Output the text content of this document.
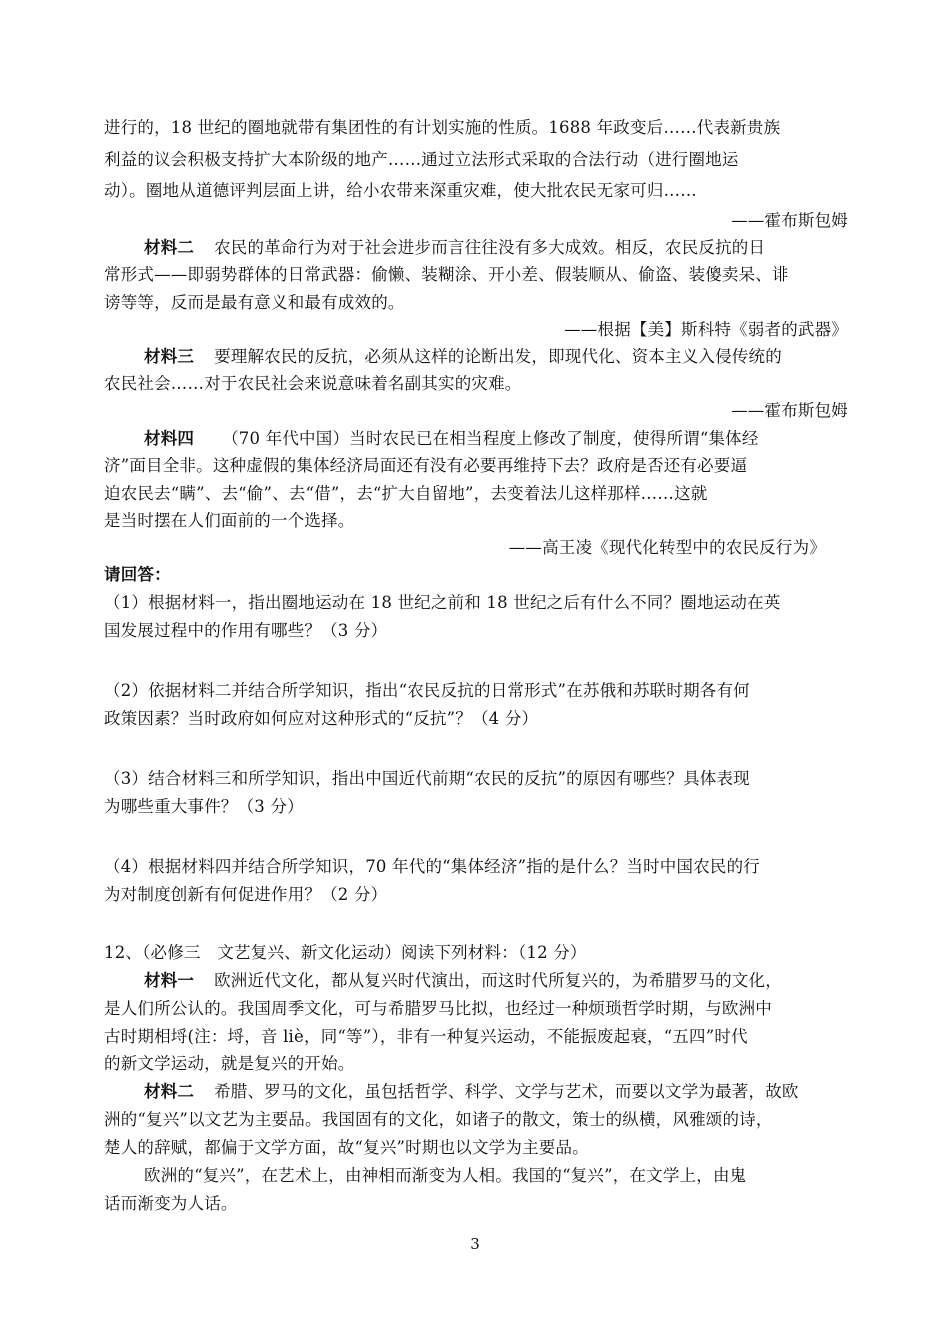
进行的，18 世纪的圈地就带有集团性的有计划实施的性质。1688 年政变后……代表新贵族
利益的议会积极支持扩大本阶级的地产……通过立法形式采取的合法行动（进行圈地运
动）。圈地从道德评判层面上讲，给小农带来深重灾难，使大批农民无家可归……
——霍布斯包姆
材料二 农民的革命行为对于社会进步而言往往没有多大成效。相反，农民反抗的日
常形式——即弱势群体的日常武器：偷懒、装糊涂、开小差、假装顺从、偷盗、装傻卖呆、诽
谤等等，反而是最有意义和最有成效的。
——根据【美】斯科特《弱者的武器》
材料三 要理解农民的反抗，必须从这样的论断出发，即现代化、资本主义入侵传统的
农民社会……对于农民社会来说意味着名副其实的灾难。
——霍布斯包姆
材料四 （70 年代中国）当时农民已在相当程度上修改了制度，使得所谓“集体经
济”面目全非。这种虚假的集体经济局面还有没有必要再维持下去？政府是否还有必要逼
迫农民去“瞒”、去“偷”、去“借”，去“扩大自留地”，去变着法儿这样那样……这就
是当时摆在人们面前的一个选择。
——高王凌《现代化转型中的农民反行为》
请回答：
（1）根据材料一，指出圈地运动在 18 世纪之前和 18 世纪之后有什么不同？圈地运动在英
国发展过程中的作用有哪些？（3 分）
（2）依据材料二并结合所学知识，指出“农民反抗的日常形式”在苏俄和苏联时期各有何
政策因素？当时政府如何应对这种形式的“反抗”？（4 分）
（3）结合材料三和所学知识，指出中国近代前期“农民的反抗”的原因有哪些？具体表现
为哪些重大事件？（3 分）
（4）根据材料四并结合所学知识，70 年代的“集体经济”指的是什么？当时中国农民的行
为对制度创新有何促进作用？（2 分）
12、（必修三　文艺复兴、新文化运动）阅读下列材料：（12 分）
材料一 欧洲近代文化，都从复兴时代演出，而这时代所复兴的，为希腊罗马的文化，
是人们所公认的。我国周季文化，可与希腊罗马比拟，也经过一种烦琐哲学时期，与欧洲中
古时期相埒(注：埒，音 liè，同“等”），非有一种复兴运动，不能振废起衰，“五四”时代
的新文学运动，就是复兴的开始。
材料二 希腊、罗马的文化，虽包括哲学、科学、文学与艺术，而要以文学为最著，故欧
洲的“复兴”以文艺为主要品。我国固有的文化，如诸子的散文，策士的纵横，风雅颂的诗，
楚人的辞赋，都偏于文学方面，故“复兴”时期也以文学为主要品。
欧洲的“复兴”，在艺术上，由神相而渐变为人相。我国的“复兴”，在文学上，由鬼
话而渐变为人话。
3
